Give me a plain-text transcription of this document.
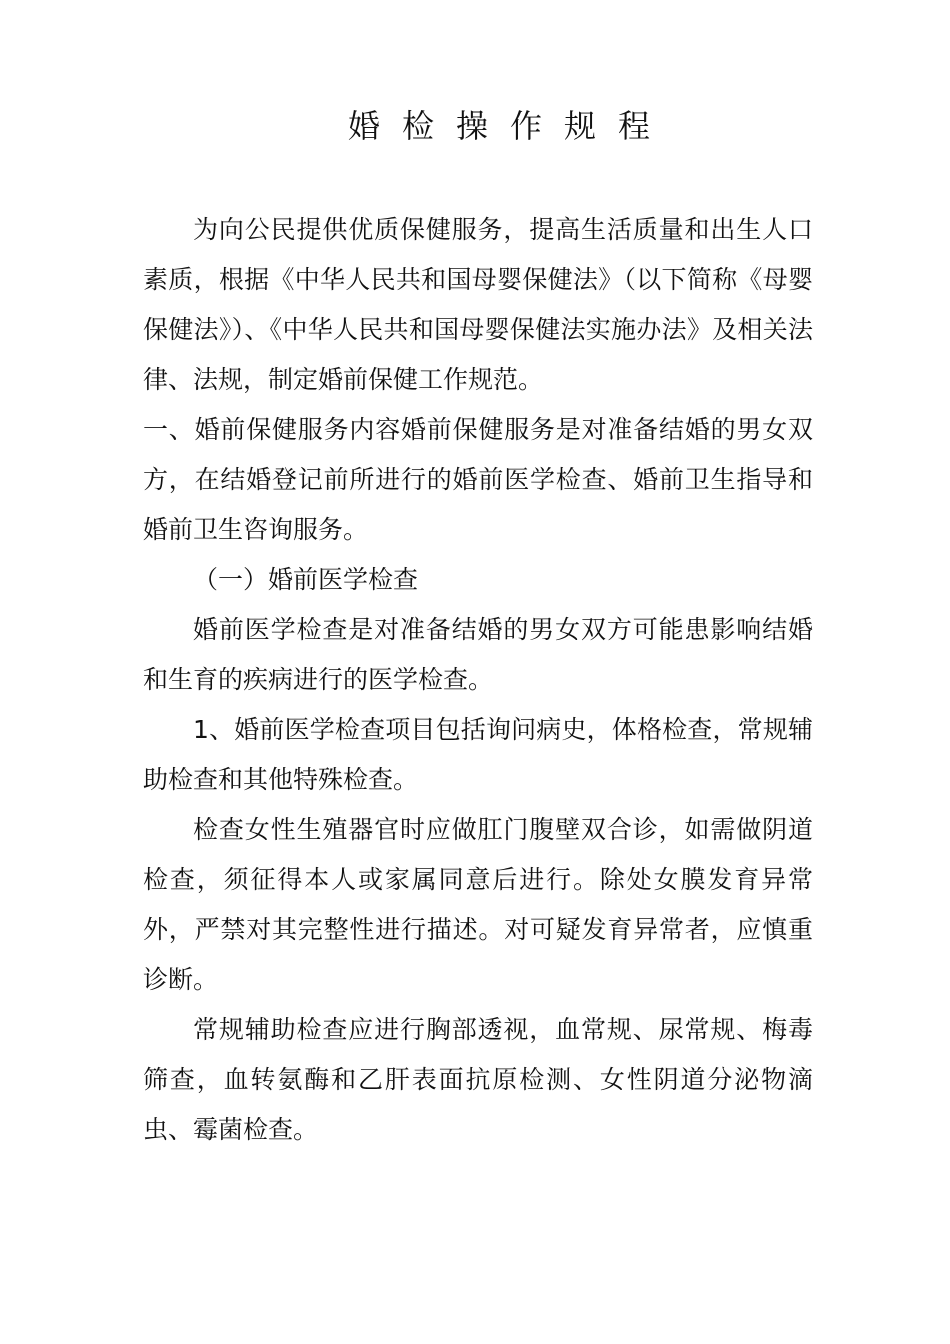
婚检操作规程

为向公民提供优质保健服务，提高生活质量和出生人口素质，根据《中华人民共和国母婴保健法》（以下简称《母婴保健法》）、《中华人民共和国母婴保健法实施办法》及相关法律、法规，制定婚前保健工作规范。

一、婚前保健服务内容婚前保健服务是对准备结婚的男女双方，在结婚登记前所进行的婚前医学检查、婚前卫生指导和婚前卫生咨询服务。

（一）婚前医学检查

婚前医学检查是对准备结婚的男女双方可能患影响结婚和生育的疾病进行的医学检查。

1、婚前医学检查项目包括询问病史，体格检查，常规辅助检查和其他特殊检查。

检查女性生殖器官时应做肛门腹壁双合诊，如需做阴道检查，须征得本人或家属同意后进行。除处女膜发育异常外，严禁对其完整性进行描述。对可疑发育异常者，应慎重诊断。

常规辅助检查应进行胸部透视，血常规、尿常规、梅毒筛查，血转氨酶和乙肝表面抗原检测、女性阴道分泌物滴虫、霉菌检查。
